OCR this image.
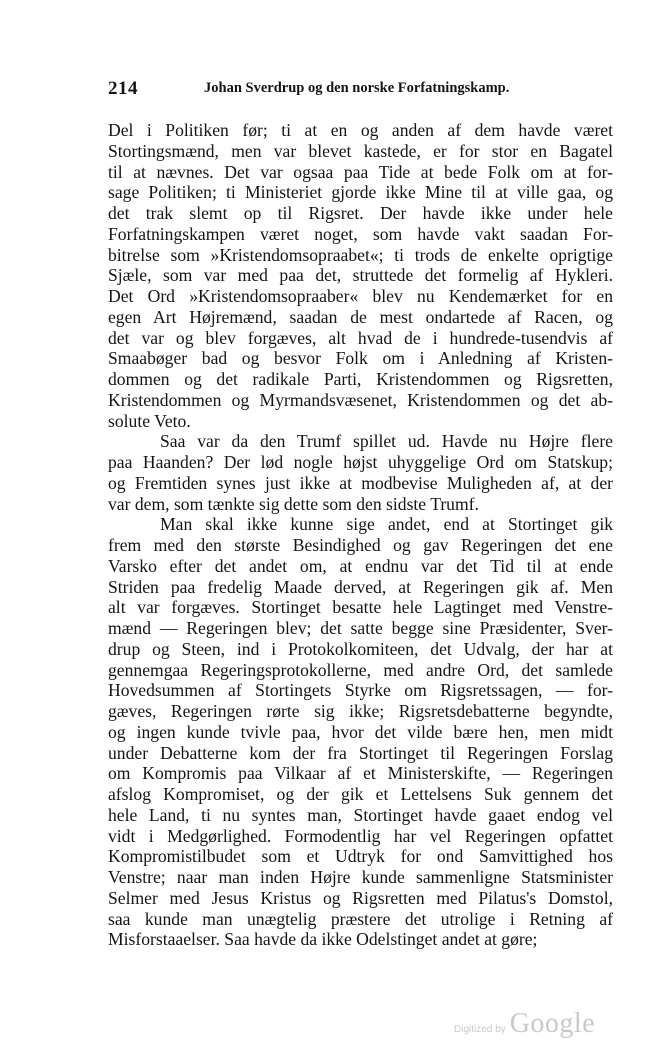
214	Johan Sverdrup og den norske Forfatningskamp.
Del i Politiken før; ti at en og anden af dem havde været
Stortingsmænd, men var blevet kastede, er for stor en Bagatel
til at nævnes. Det var ogsaa paa Tide at bede Folk om at for-
sage Politiken; ti Ministeriet gjorde ikke Mine til at ville gaa, og
det trak slemt op til Rigsret. Der havde ikke under hele
Forfatningskampen været noget, som havde vakt saadan For-
bitrelse som »Kristendomsopraabet«; ti trods de enkelte oprigtige
Sjæle, som var med paa det, struttede det formelig af Hykleri.
Det Ord »Kristendomsopraaber« blev nu Kendemærket for en
egen Art Højremænd, saadan de mest ondartede af Racen, og
det var og blev forgæves, alt hvad de i hundrede-tusendvis af
Smaabøger bad og besvor Folk om i Anledning af Kristen-
dommen og det radikale Parti, Kristendommen og Rigsretten,
Kristendommen og Myrmandsvæsenet, Kristendommen og det ab-
solute Veto.
Saa var da den Trumf spillet ud. Havde nu Højre flere
paa Haanden? Der lød nogle højst uhyggelige Ord om Statskup;
og Fremtiden synes just ikke at modbevise Muligheden af, at der
var dem, som tænkte sig dette som den sidste Trumf.
Man skal ikke kunne sige andet, end at Stortinget gik
frem med den største Besindighed og gav Regeringen det ene
Varsko efter det andet om, at endnu var det Tid til at ende
Striden paa fredelig Maade derved, at Regeringen gik af. Men
alt var forgæves. Stortinget besatte hele Lagtinget med Venstre-
mænd — Regeringen blev; det satte begge sine Præsidenter, Sver-
drup og Steen, ind i Protokolkomiteen, det Udvalg, der har at
gennemgaa Regeringsprotokollerne, med andre Ord, det samlede
Hovedsummen af Stortingets Styrke om Rigsretssagen, — for-
gæves, Regeringen rørte sig ikke; Rigsretsdebatterne begyndte,
og ingen kunde tvivle paa, hvor det vilde bære hen, men midt
under Debatterne kom der fra Stortinget til Regeringen Forslag
om Kompromis paa Vilkaar af et Ministerskifte, — Regeringen
afslog Kompromiset, og der gik et Lettelsens Suk gennem det
hele Land, ti nu syntes man, Stortinget havde gaaet endog vel
vidt i Medgørlighed. Formodentlig har vel Regeringen opfattet
Kompromistilbudet som et Udtryk for ond Samvittighed hos
Venstre; naar man inden Højre kunde sammenligne Statsminister
Selmer med Jesus Kristus og Rigsretten med Pilatus's Domstol,
saa kunde man unægtelig præstere det utrolige i Retning af
Misforstaaelser. Saa havde da ikke Odelstinget andet at gøre;
Digitized by Google
